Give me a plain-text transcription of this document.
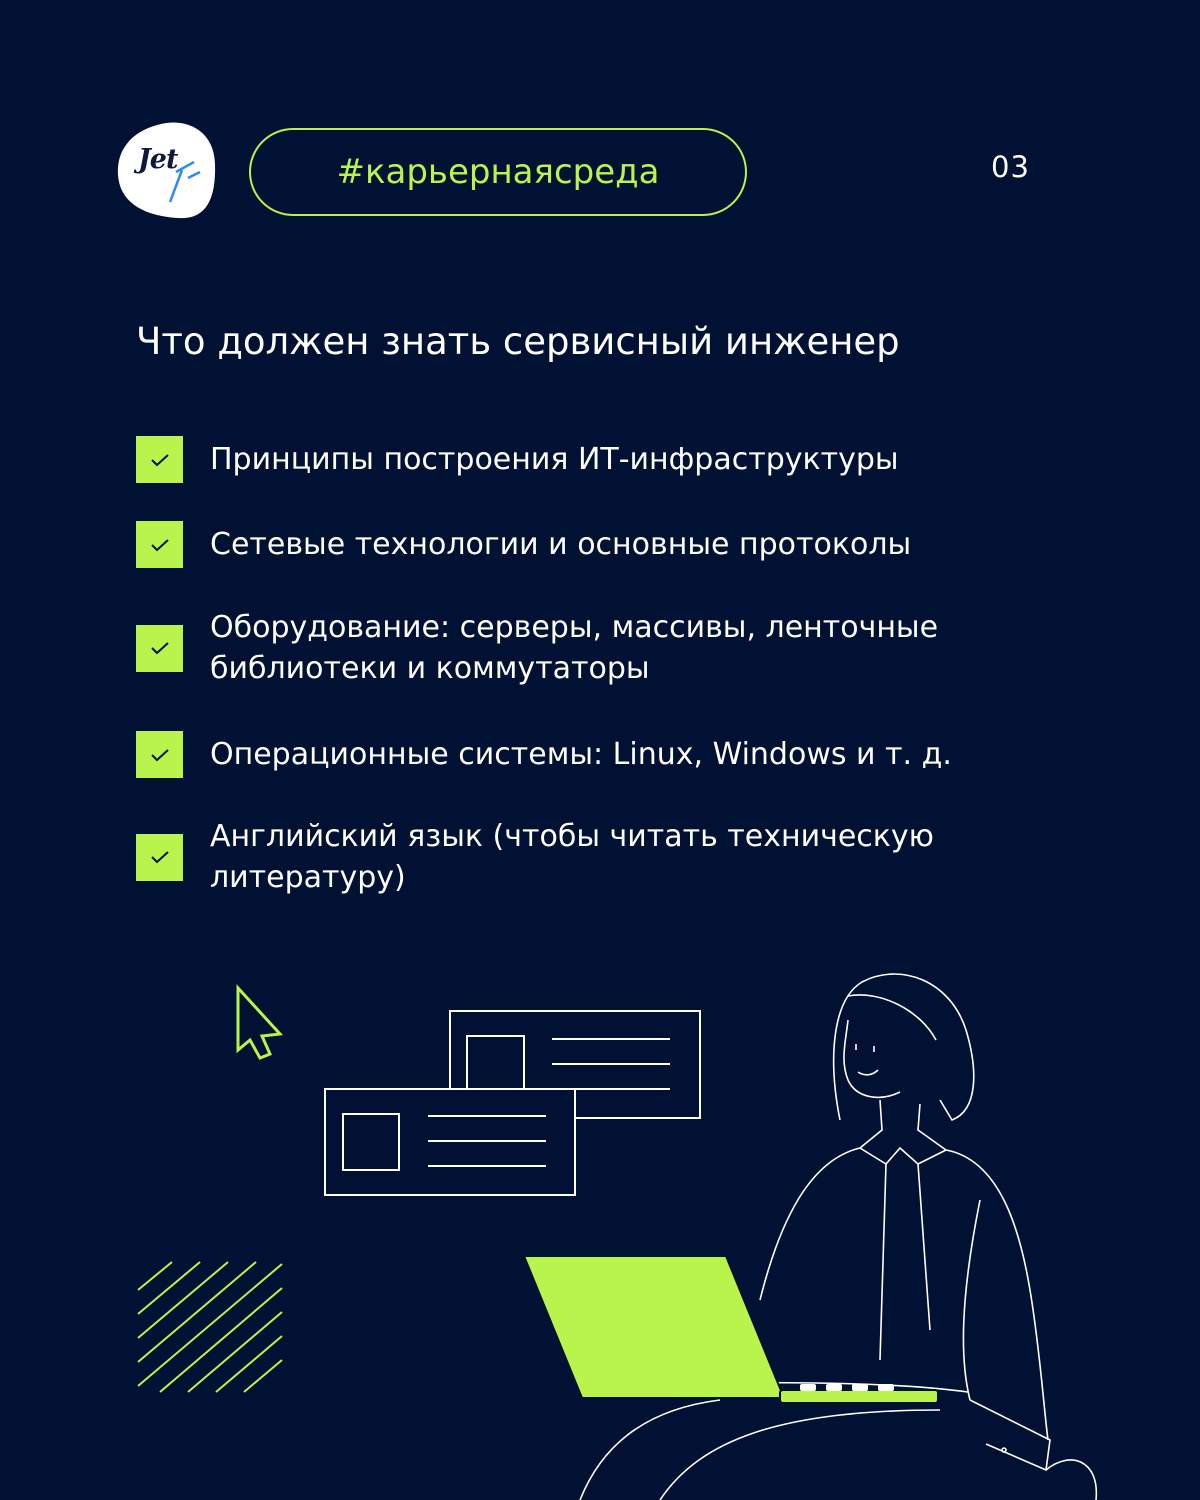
Jet	#карьернаясреда	03
Что должен знать сервисный инженер
Принципы построения ИТ-инфраструктуры
Сетевые технологии и основные протоколы
Оборудование: серверы, массивы, ленточные библиотеки и коммутаторы
Операционные системы: Linux, Windows и т. д.
Английский язык (чтобы читать техническую литературу)
